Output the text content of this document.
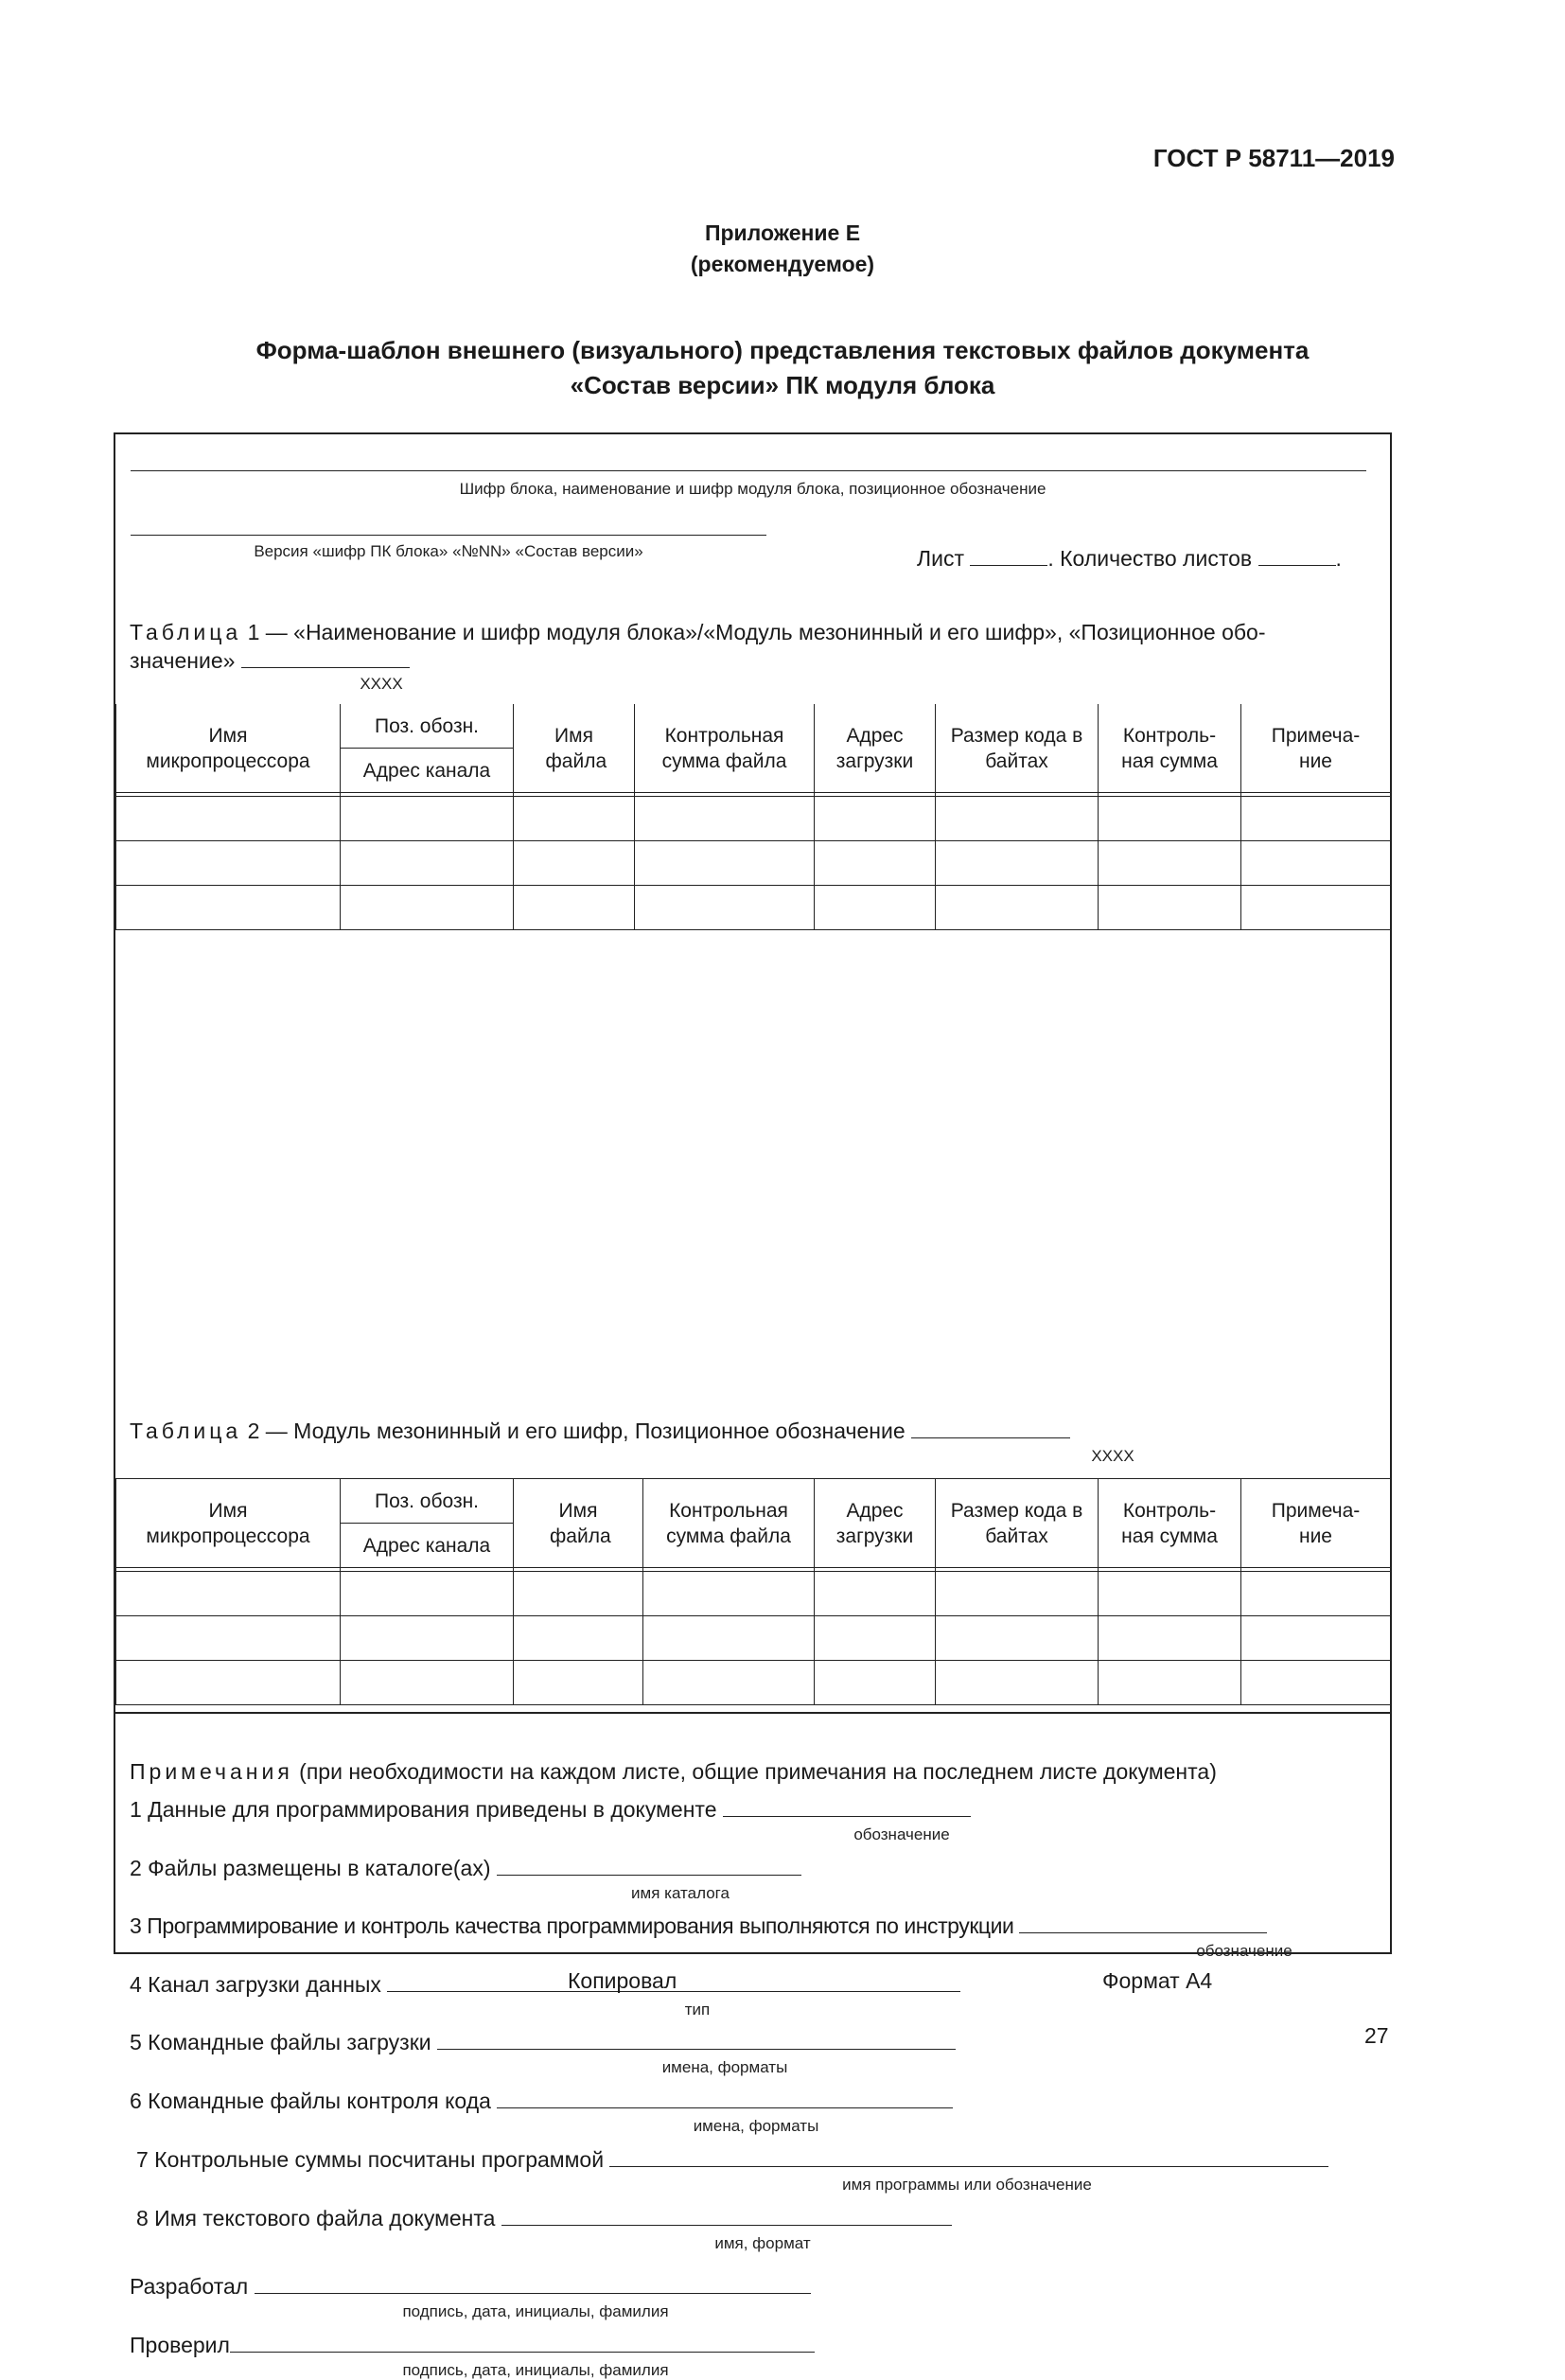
ГОСТ Р 58711—2019
Приложение Е
(рекомендуемое)
Форма-шаблон внешнего (визуального) представления текстовых файлов документа
«Состав версии» ПК модуля блока
Шифр блока, наименование и шифр модуля блока, позиционное обозначение
Версия «шифр ПК блока» «№NN» «Состав версии»	Лист	. Количество листов	.
Таблица 1 — «Наименование и шифр модуля блока»/«Модуль мезонинный и его шифр», «Позиционное обо-
значение»
XXXX
Имя микропроцессора	Поз. обозн.	Имя файла	Контрольная сумма файла	Адрес загрузки	Размер кода в байтах	Контроль-ная сумма	Примеча-ние

	Адрес канала						

Таблица 2 — Модуль мезонинный и его шифр, Позиционное обозначение
XXXX
Имя микропроцессора	Поз. обозн.	Имя файла	Контрольная сумма файла	Адрес загрузки	Размер кода в байтах	Контроль-ная сумма	Примеча-ние

	Адрес канала						

Примечания (при необходимости на каждом листе, общие примечания на последнем листе документа)
1 Данные для программирования приведены в документе
обозначение
2 Файлы размещены в каталоге(ах)
имя каталога
3 Программирование и контроль качества программирования выполняются по инструкции
обозначение
4 Канал загрузки данных
тип
5 Командные файлы загрузки
имена, форматы
6 Командные файлы контроля кода
имена, форматы
7 Контрольные суммы посчитаны программой
имя программы или обозначение
8 Имя текстового файла документа
имя, формат
Разработал
подпись, дата, инициалы, фамилия
Проверил
подпись, дата, инициалы, фамилия
Копировал	Формат А4
27
